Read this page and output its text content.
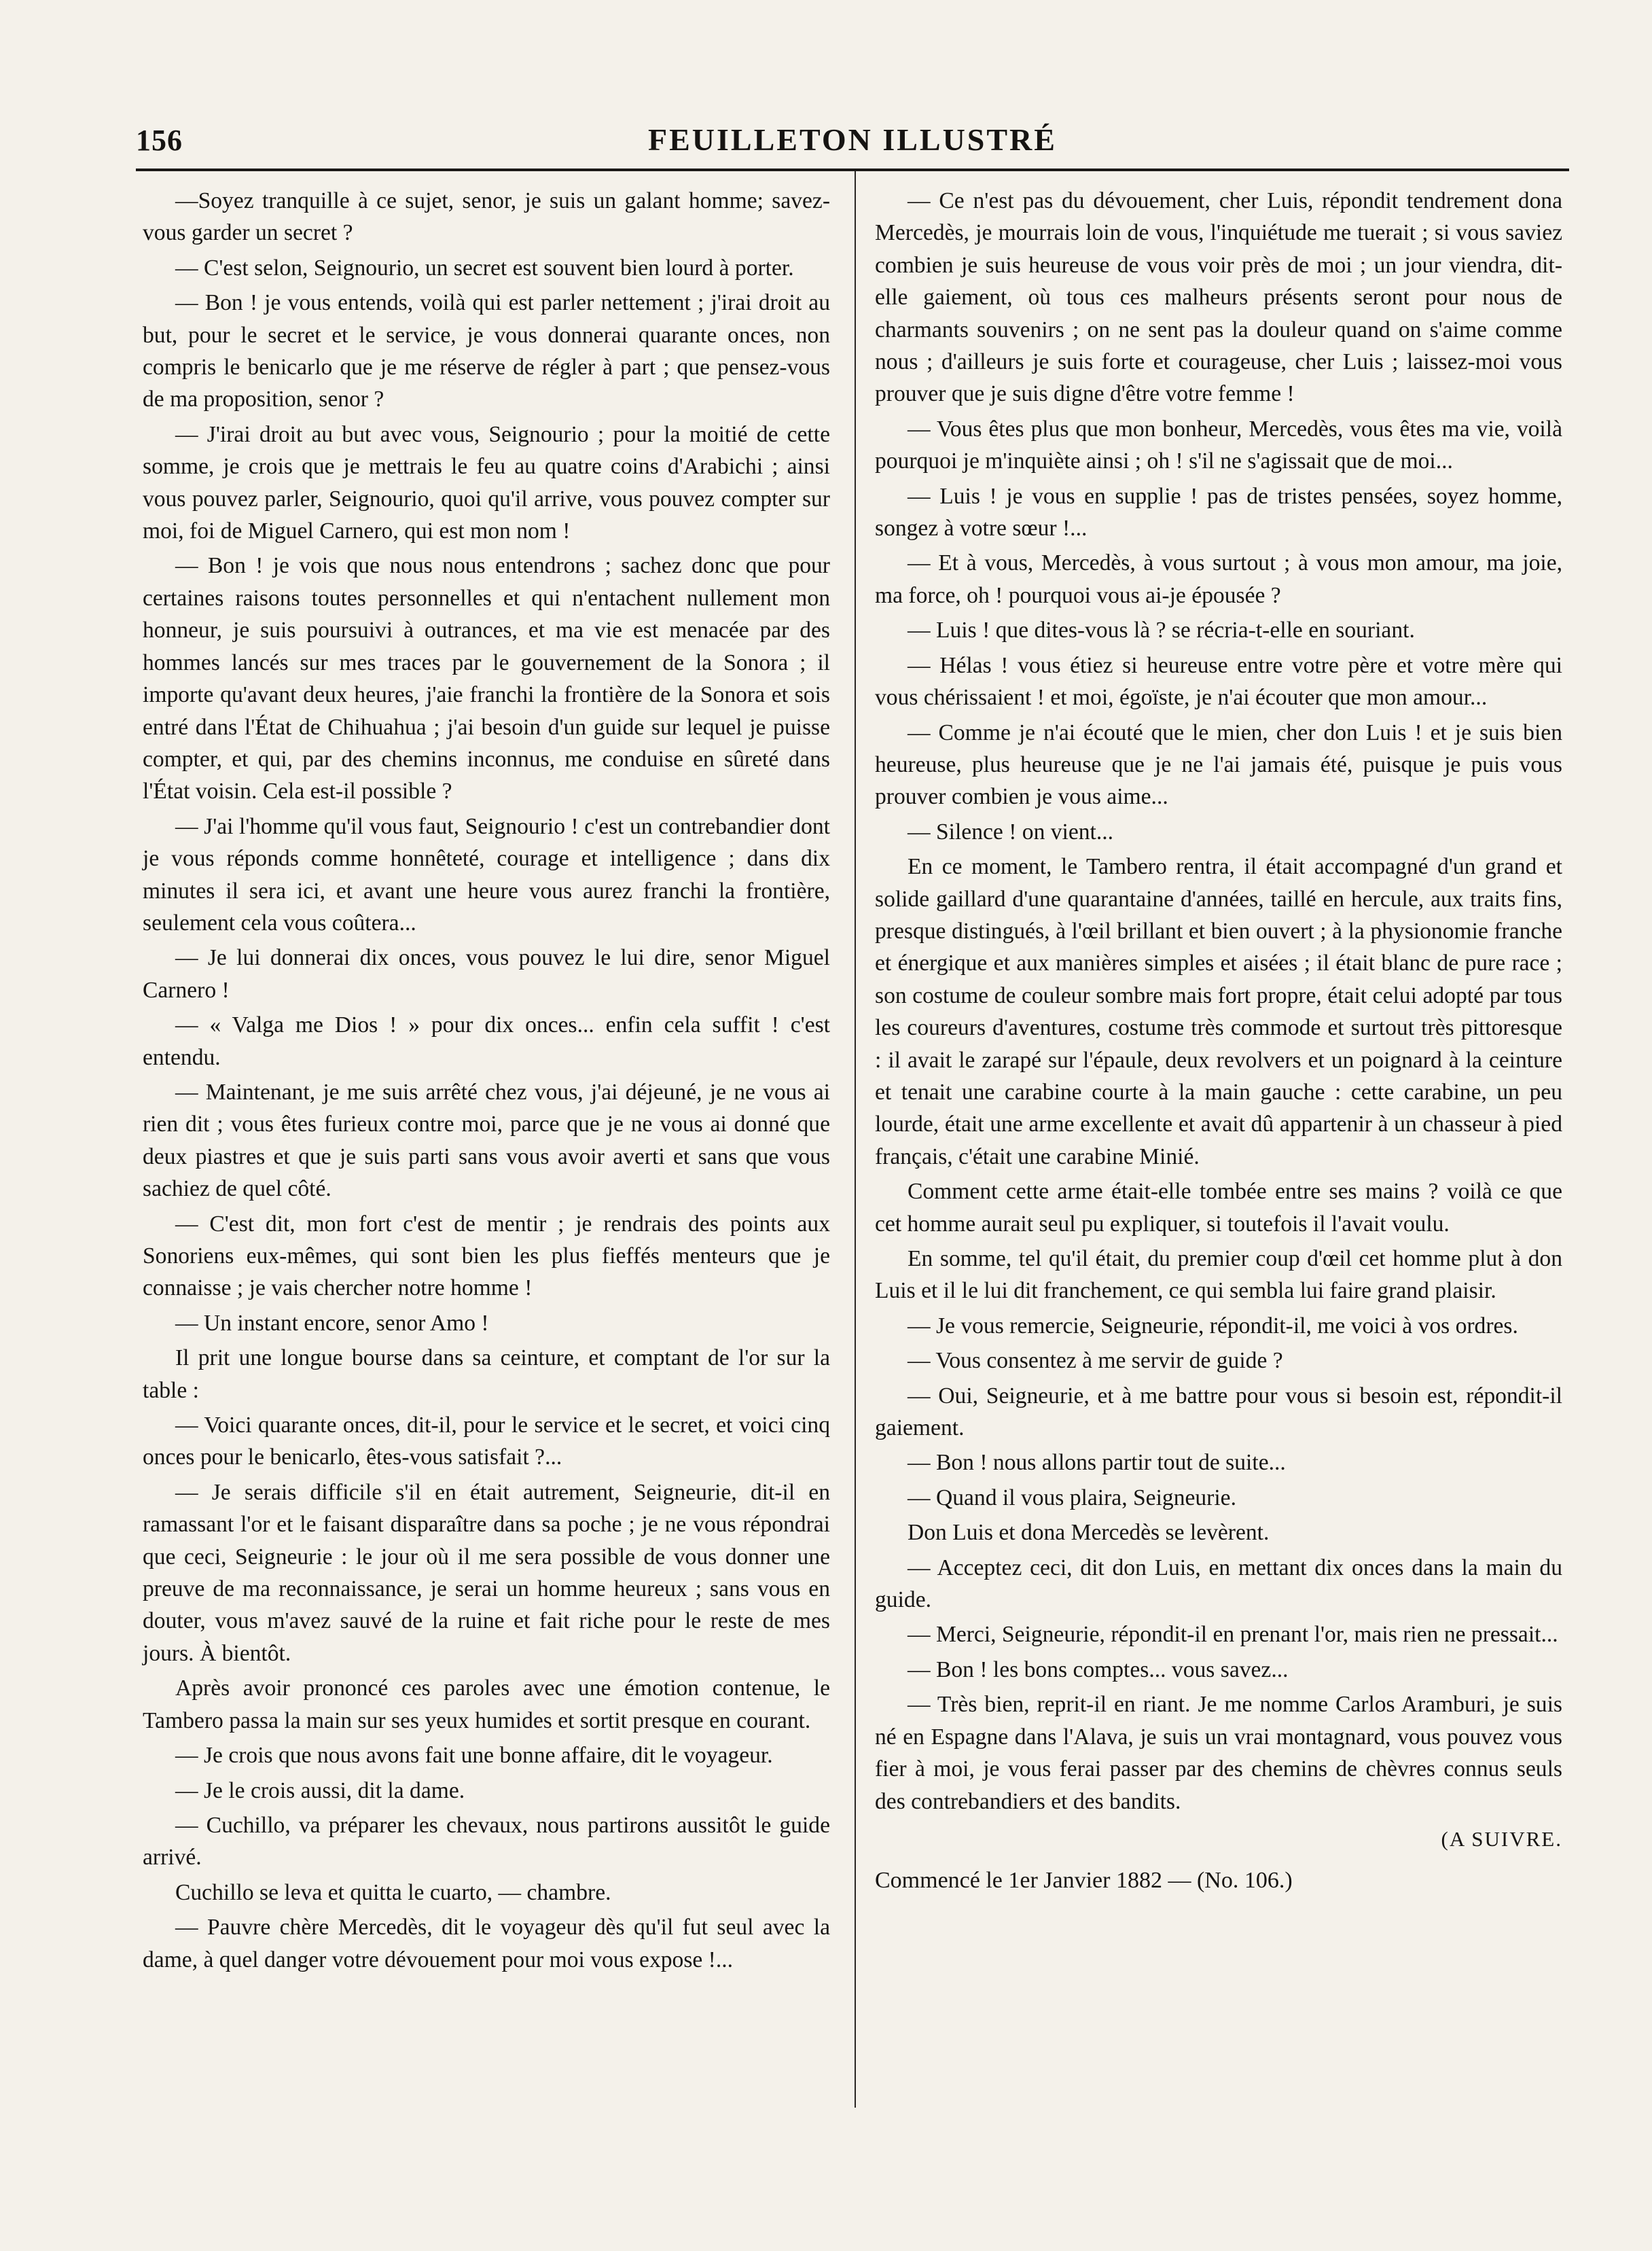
156	FEUILLETON ILLUSTRÉ

—Soyez tranquille à ce sujet, senor, je suis un galant homme; savez-vous garder un secret ?

— C'est selon, Seignourio, un secret est souvent bien lourd à porter.

— Bon ! je vous entends, voilà qui est parler nettement ; j'irai droit au but, pour le secret et le service, je vous donnerai quarante onces, non compris le benicarlo que je me réserve de régler à part ; que pensez-vous de ma proposition, senor ?

— J'irai droit au but avec vous, Seignourio ; pour la moitié de cette somme, je crois que je mettrais le feu au quatre coins d'Arabichi ; ainsi vous pouvez parler, Seignourio, quoi qu'il arrive, vous pouvez compter sur moi, foi de Miguel Carnero, qui est mon nom !

— Bon ! je vois que nous nous entendrons ; sachez donc que pour certaines raisons toutes personnelles et qui n'entachent nullement mon honneur, je suis poursuivi à outrances, et ma vie est menacée par des hommes lancés sur mes traces par le gouvernement de la Sonora ; il importe qu'avant deux heures, j'aie franchi la frontière de la Sonora et sois entré dans l'État de Chihuahua ; j'ai besoin d'un guide sur lequel je puisse compter, et qui, par des chemins inconnus, me conduise en sûreté dans l'État voisin. Cela est-il possible ?

— J'ai l'homme qu'il vous faut, Seignourio ! c'est un contrebandier dont je vous réponds comme honnêteté, courage et intelligence ; dans dix minutes il sera ici, et avant une heure vous aurez franchi la frontière, seulement cela vous coûtera...

— Je lui donnerai dix onces, vous pouvez le lui dire, senor Miguel Carnero !

— « Valga me Dios ! » pour dix onces... enfin cela suffit ! c'est entendu.

— Maintenant, je me suis arrêté chez vous, j'ai déjeuné, je ne vous ai rien dit ; vous êtes furieux contre moi, parce que je ne vous ai donné que deux piastres et que je suis parti sans vous avoir averti et sans que vous sachiez de quel côté.

— C'est dit, mon fort c'est de mentir ; je rendrais des points aux Sonoriens eux-mêmes, qui sont bien les plus fieffés menteurs que je connaisse ; je vais chercher notre homme !

— Un instant encore, senor Amo !

Il prit une longue bourse dans sa ceinture, et comptant de l'or sur la table :

— Voici quarante onces, dit-il, pour le service et le secret, et voici cinq onces pour le benicarlo, êtes-vous satisfait ?...

— Je serais difficile s'il en était autrement, Seigneurie, dit-il en ramassant l'or et le faisant disparaître dans sa poche ; je ne vous répondrai que ceci, Seigneurie : le jour où il me sera possible de vous donner une preuve de ma reconnaissance, je serai un homme heureux ; sans vous en douter, vous m'avez sauvé de la ruine et fait riche pour le reste de mes jours. À bientôt.

Après avoir prononcé ces paroles avec une émotion contenue, le Tambero passa la main sur ses yeux humides et sortit presque en courant.

— Je crois que nous avons fait une bonne affaire, dit le voyageur.

— Je le crois aussi, dit la dame.

— Cuchillo, va préparer les chevaux, nous partirons aussitôt le guide arrivé.

Cuchillo se leva et quitta le cuarto, — chambre.

— Pauvre chère Mercedès, dit le voyageur dès qu'il fut seul avec la dame, à quel danger votre dévouement pour moi vous expose !...

— Ce n'est pas du dévouement, cher Luis, répondit tendrement dona Mercedès, je mourrais loin de vous, l'inquiétude me tuerait ; si vous saviez combien je suis heureuse de vous voir près de moi ; un jour viendra, dit-elle gaiement, où tous ces malheurs présents seront pour nous de charmants souvenirs ; on ne sent pas la douleur quand on s'aime comme nous ; d'ailleurs je suis forte et courageuse, cher Luis ; laissez-moi vous prouver que je suis digne d'être votre femme !

— Vous êtes plus que mon bonheur, Mercedès, vous êtes ma vie, voilà pourquoi je m'inquiète ainsi ; oh ! s'il ne s'agissait que de moi...

— Luis ! je vous en supplie ! pas de tristes pensées, soyez homme, songez à votre sœur !...

— Et à vous, Mercedès, à vous surtout ; à vous mon amour, ma joie, ma force, oh ! pourquoi vous ai-je épousée ?

— Luis ! que dites-vous là ? se récria-t-elle en souriant.

— Hélas ! vous étiez si heureuse entre votre père et votre mère qui vous chérissaient ! et moi, égoïste, je n'ai écouter que mon amour...

— Comme je n'ai écouté que le mien, cher don Luis ! et je suis bien heureuse, plus heureuse que je ne l'ai jamais été, puisque je puis vous prouver combien je vous aime...

— Silence ! on vient...

En ce moment, le Tambero rentra, il était accompagné d'un grand et solide gaillard d'une quarantaine d'années, taillé en hercule, aux traits fins, presque distingués, à l'œil brillant et bien ouvert ; à la physionomie franche et énergique et aux manières simples et aisées ; il était blanc de pure race ; son costume de couleur sombre mais fort propre, était celui adopté par tous les coureurs d'aventures, costume très commode et surtout très pittoresque : il avait le zarapé sur l'épaule, deux revolvers et un poignard à la ceinture et tenait une carabine courte à la main gauche : cette carabine, un peu lourde, était une arme excellente et avait dû appartenir à un chasseur à pied français, c'était une carabine Minié.

Comment cette arme était-elle tombée entre ses mains ? voilà ce que cet homme aurait seul pu expliquer, si toutefois il l'avait voulu.

En somme, tel qu'il était, du premier coup d'œil cet homme plut à don Luis et il le lui dit franchement, ce qui sembla lui faire grand plaisir.

— Je vous remercie, Seigneurie, répondit-il, me voici à vos ordres.

— Vous consentez à me servir de guide ?

— Oui, Seigneurie, et à me battre pour vous si besoin est, répondit-il gaiement.

— Bon ! nous allons partir tout de suite...

— Quand il vous plaira, Seigneurie.

Don Luis et dona Mercedès se levèrent.

— Acceptez ceci, dit don Luis, en mettant dix onces dans la main du guide.

— Merci, Seigneurie, répondit-il en prenant l'or, mais rien ne pressait...

— Bon ! les bons comptes... vous savez...

— Très bien, reprit-il en riant. Je me nomme Carlos Aramburi, je suis né en Espagne dans l'Alava, je suis un vrai montagnard, vous pouvez vous fier à moi, je vous ferai passer par des chemins de chèvres connus seuls des contrebandiers et des bandits.

(A SUIVRE.

Commencé le 1er Janvier 1882 — (No. 106.)
